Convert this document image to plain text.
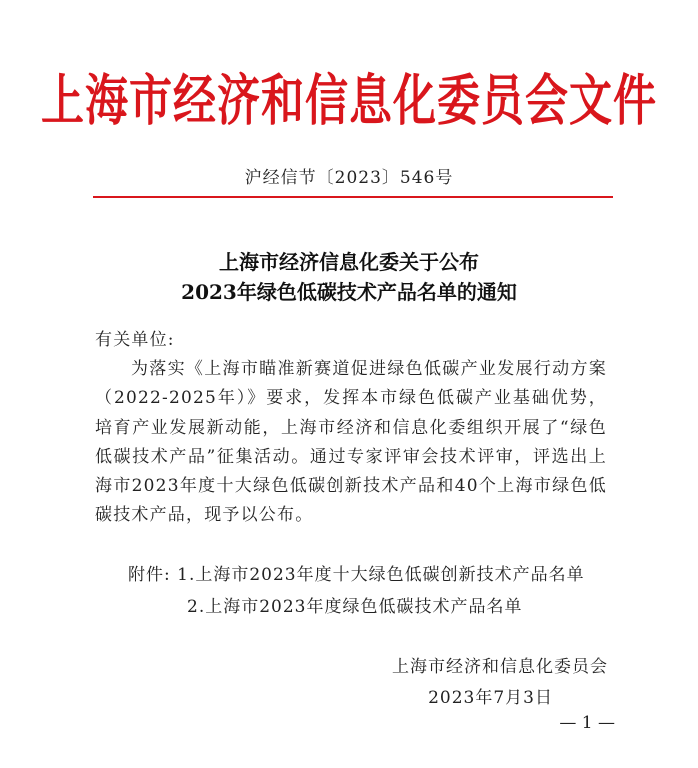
上海市经济和信息化委员会文件
沪经信节〔2023〕546号
上海市经济信息化委关于公布
2023年绿色低碳技术产品名单的通知
有关单位:
为落实《上海市瞄准新赛道促进绿色低碳产业发展行动方案（2022-2025年）》要求，发挥本市绿色低碳产业基础优势，培育产业发展新动能，上海市经济和信息化委组织开展了“绿色低碳技术产品”征集活动。通过专家评审会技术评审，评选出上海市2023年度十大绿色低碳创新技术产品和40个上海市绿色低碳技术产品，现予以公布。
附件: 1.上海市2023年度十大绿色低碳创新技术产品名单
2.上海市2023年度绿色低碳技术产品名单
上海市经济和信息化委员会
2023年7月3日
— 1 —
